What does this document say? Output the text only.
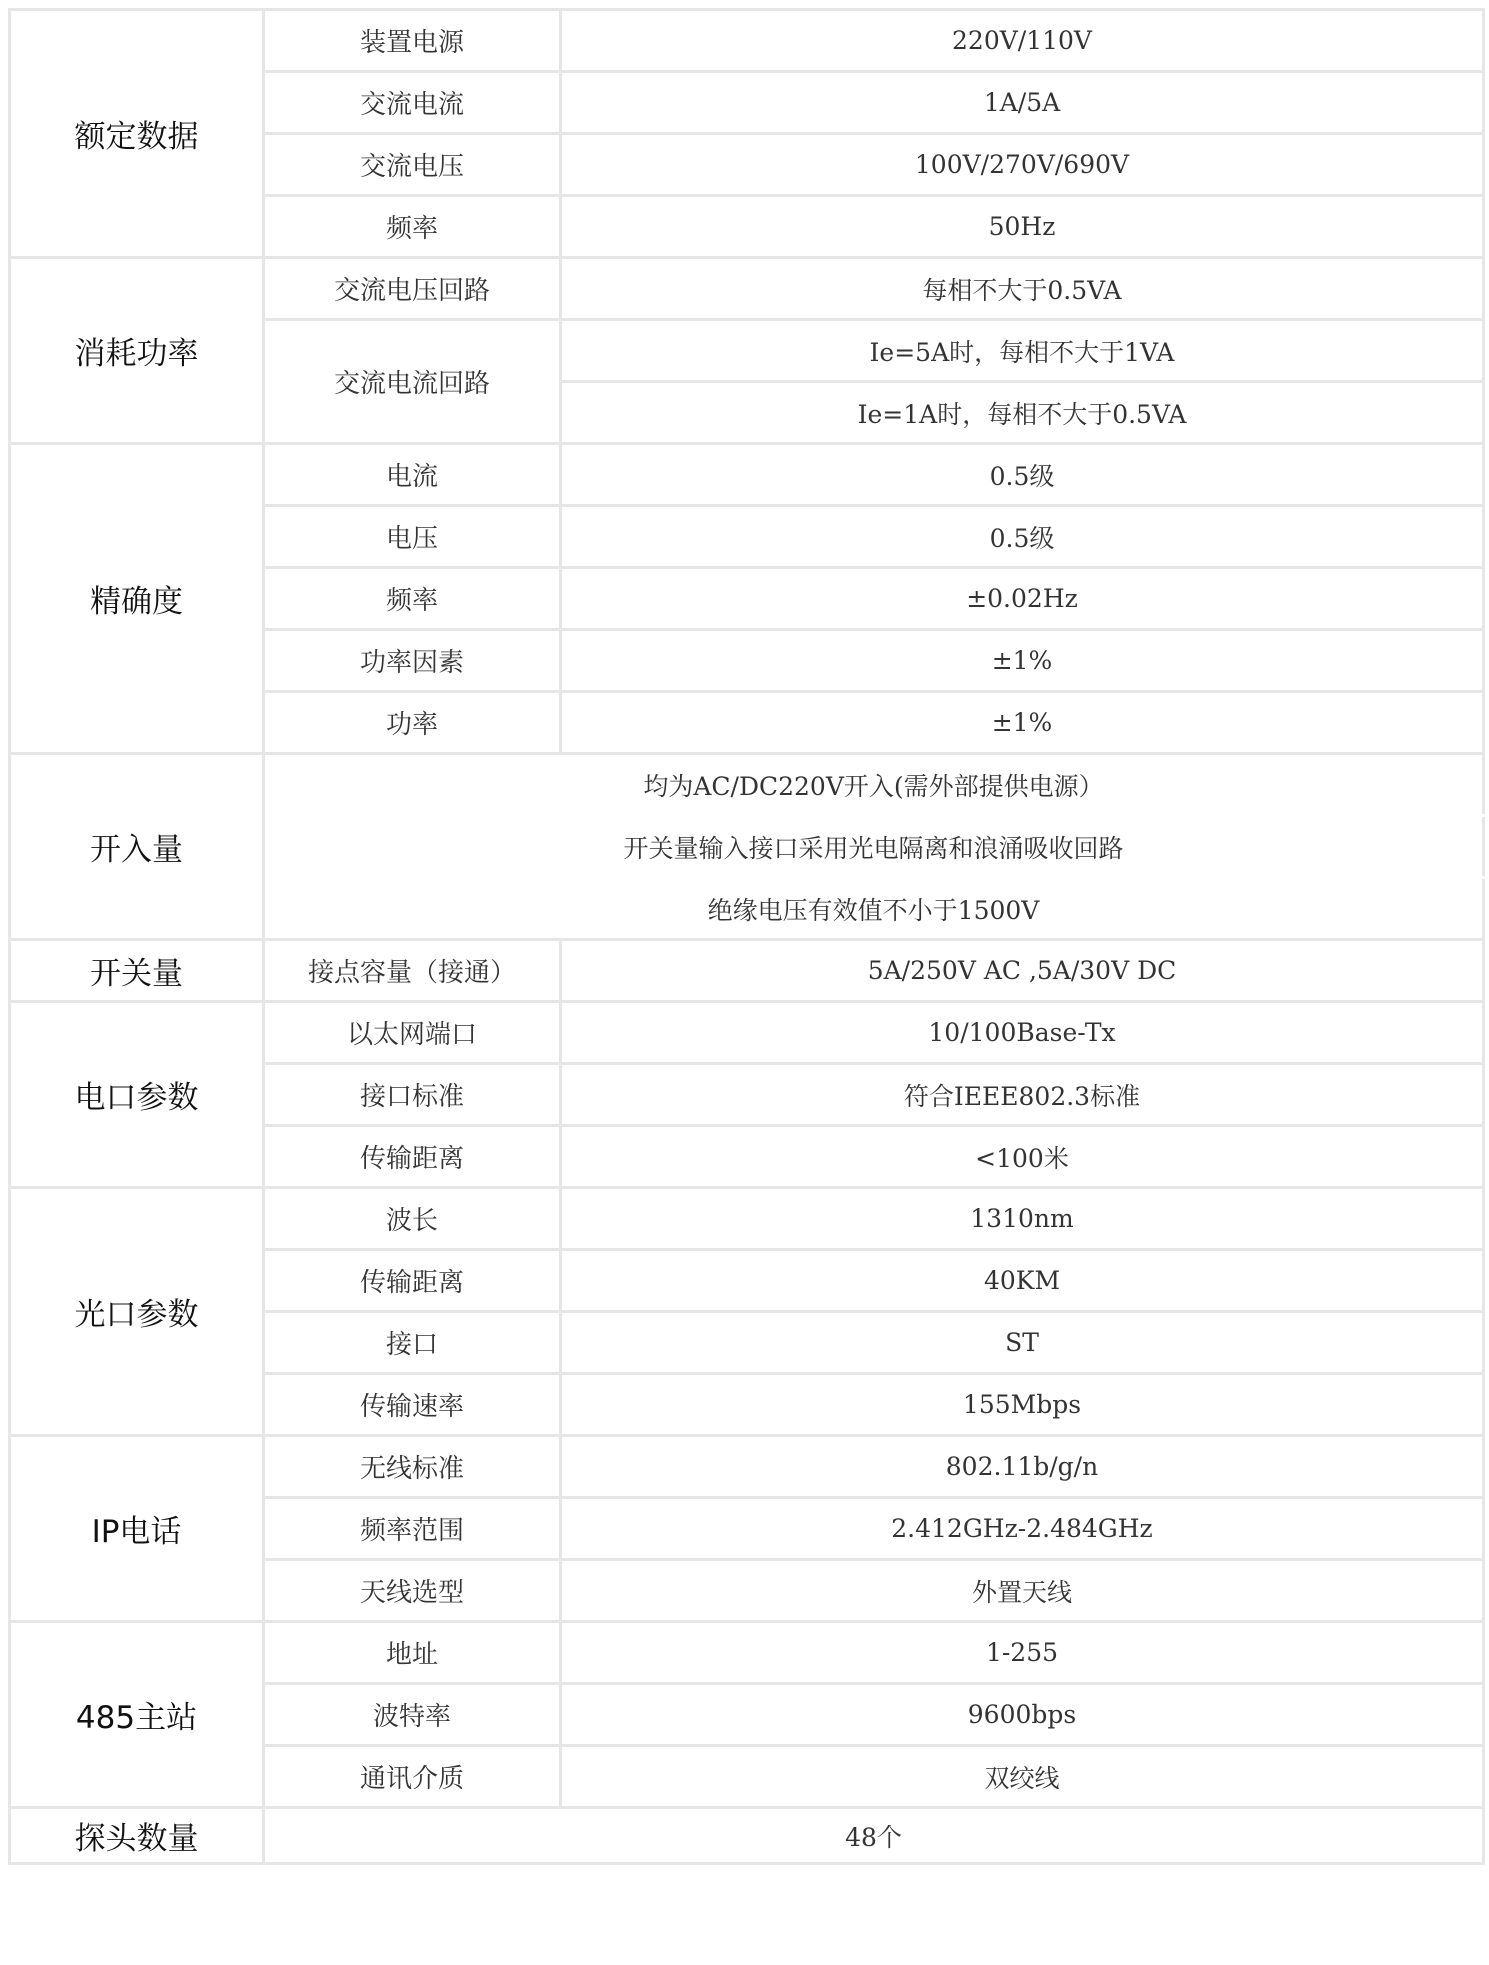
额定数据	装置电源	220V/110V
	交流电流	1A/5A
	交流电压	100V/270V/690V
	频率	50Hz
消耗功率	交流电压回路	每相不大于0.5VA
	交流电流回路	Ie=5A时，每相不大于1VA
		Ie=1A时，每相不大于0.5VA
精确度	电流	0.5级
	电压	0.5级
	频率	±0.02Hz
	功率因素	±1%
	功率	±1%
开入量	均为AC/DC220V开入(需外部提供电源）	
	开关量输入接口采用光电隔离和浪涌吸收回路	
	绝缘电压有效值不小于1500V	
开关量	接点容量（接通）	5A/250V AC ,5A/30V DC
电口参数	以太网端口	10/100Base-Tx
	接口标准	符合IEEE802.3标准
	传输距离	<100米
光口参数	波长	1310nm
	传输距离	40KM
	接口	ST
	传输速率	155Mbps
IP电话	无线标准	802.11b/g/n
	频率范围	2.412GHz-2.484GHz
	天线选型	外置天线
485主站	地址	1-255
	波特率	9600bps
	通讯介质	双绞线
探头数量	48个	
